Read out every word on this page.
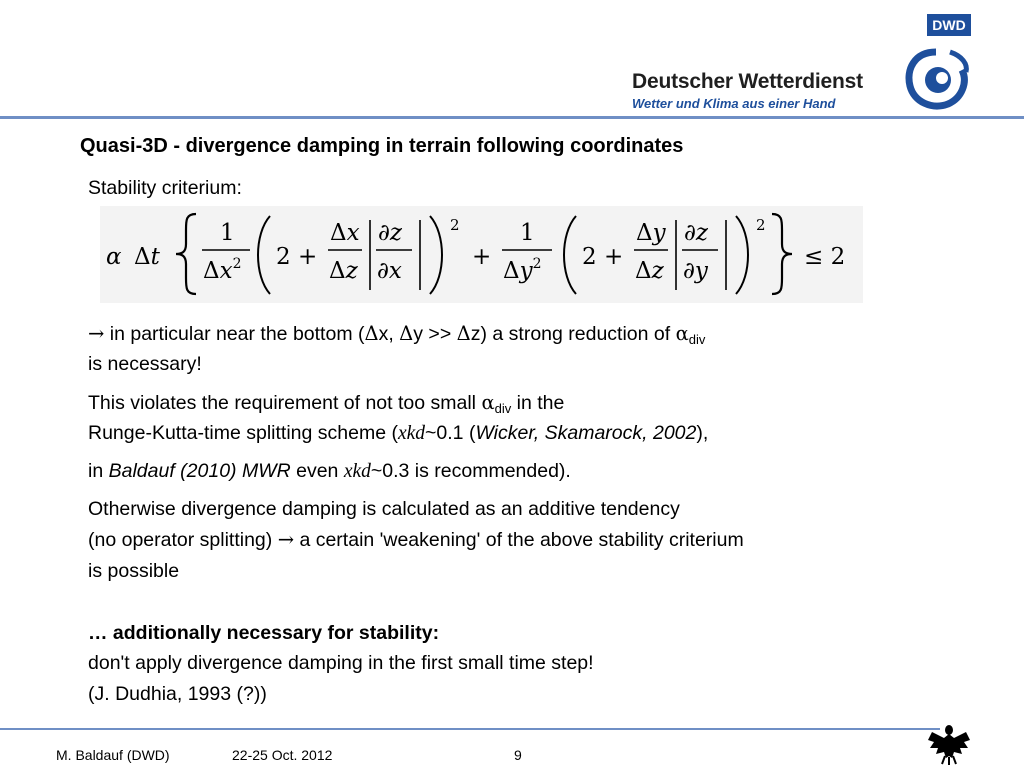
Deutscher Wetterdienst
Wetter und Klima aus einer Hand
DWD
Quasi-3D - divergence damping in terrain following coordinates
Stability criterium:
α Δt
1
$\Delta x^2$ 2 +
Δx
Δz
∂z
∂x
2
+
1
$\Delta y^2$ 2 +
Δy
Δz
∂z
∂y
2
≤ 2
→ in particular near the bottom (Δx, Δy >> Δz) a strong reduction of $\alpha_{div}$
is necessary!
This violates the requirement of not too small $\alpha_{div}$ in the
Runge-Kutta-time splitting scheme (xkd~0.1 (Wicker, Skamarock, 2002),
in Baldauf (2010) MWR even xkd~0.3 is recommended).
Otherwise divergence damping is calculated as an additive tendency
(no operator splitting) → a certain 'weakening' of the above stability criterium
is possible
… additionally necessary for stability:
don't apply divergence damping in the first small time step!
(J. Dudhia, 1993 (?))
M. Baldauf (DWD)	22-25 Oct. 2012	9
